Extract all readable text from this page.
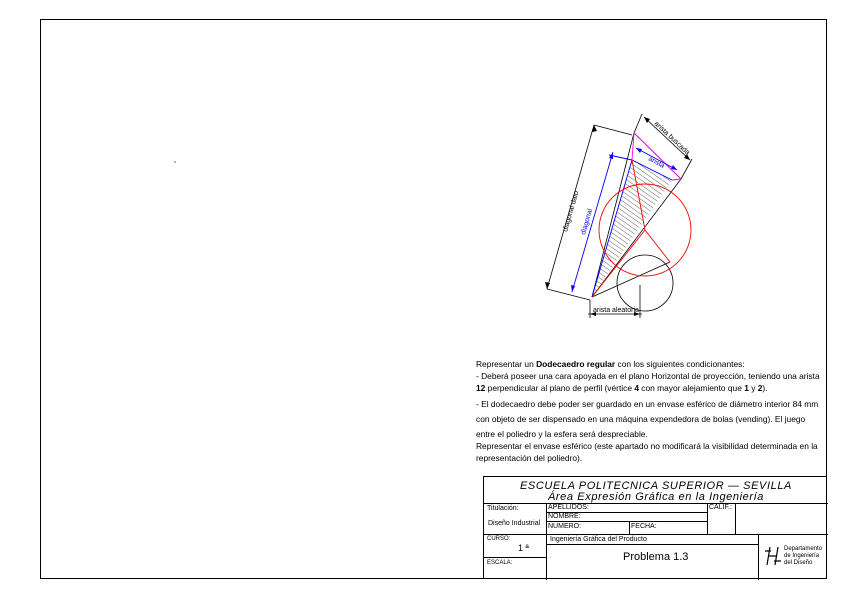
arista buscada
arista
diagonal dato diagonal
arista aleatoria

Representar un Dodecaedro regular con los siguientes condicionantes:

- Deberá poseer una cara apoyada en el plano Horizontal de proyección, teniendo una arista

12 perpendicular al plano de perfil (vértice 4 con mayor alejamiento que 1 y 2).

- El dodecaedro debe poder ser guardado en un envase esférico de diámetro interior 84 mm

con objeto de ser dispensado en una máquina expendedora de bolas (vending). El juego

entre el poliedro y la esfera será despreciable.

Representar el envase esférico (este apartado no modificará la visibilidad determinada en la

representación del poliedro).

ESCUELA POLITECNICA SUPERIOR — SEVILLA
Área Expresión Gráfica en la Ingeniería
Titulación:
Diseño Industrial
APELLIDOS:
NOMBRE:
NUMERO:	FECHA:
CALIF.:
CURSO:
1 ª
ESCALA:
Ingeniería Gráfica del Producto
Problema 1.3
Departamento
de Ingeniería
del Diseño
